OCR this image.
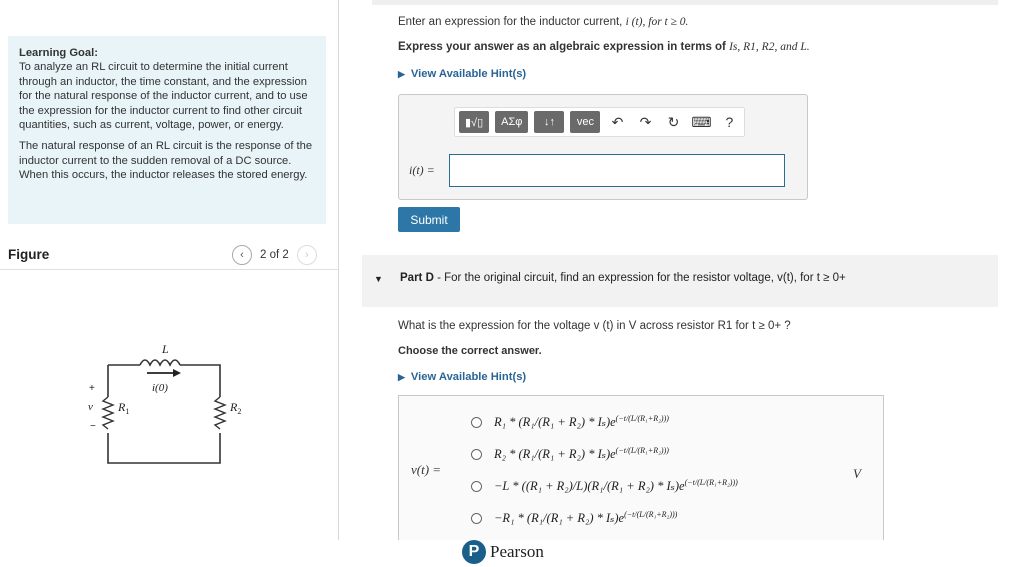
Learning Goal:
To analyze an RL circuit to determine the initial current through an inductor, the time constant, and the expression for the natural response of the inductor current, and to use the expression for the inductor current to find other circuit quantities, such as current, voltage, power, or energy.

The natural response of an RL circuit is the response of the inductor current to the sudden removal of a DC source. When this occurs, the inductor releases the stored energy.

Figure	‹ 2 of 2 ›
L
i(0)
$R_1$	$R_2$
+
v
−
Enter an expression for the inductor current, i (t), for t ≥ 0.
Express your answer as an algebraic expression in terms of Is, R1, R2, and L.
▶ View Available Hint(s)
▮√▯	ΑΣφ	↓↑	vec	↶	↷	↻ ⌨ ?
i(t) =
Submit
▼ Part D - For the original circuit, find an expression for the resistor voltage, v(t), for t ≥ 0+
What is the expression for the voltage v (t) in V across resistor R1 for t ≥ 0+ ?
Choose the correct answer.
▶ View Available Hint(s)
v(t) =
$R_1 * (R_1/(R_1 + R_2) * I_s)e^{(-t/(L/(R_1+R_2)))}$
$R_2 * (R_1/(R_1 + R_2) * I_s)e^{(-t/(L/(R_1+R_2)))}$
$-L * ((R_1 + R_2)/L)(R_1/(R_1 + R_2) * I_s)e^{(-t/(L/(R_1+R_2)))}$
$-R_1 * (R_1/(R_1 + R_2) * I_s)e^{(-t/(L/(R_1+R_2)))}$
V
P Pearson
